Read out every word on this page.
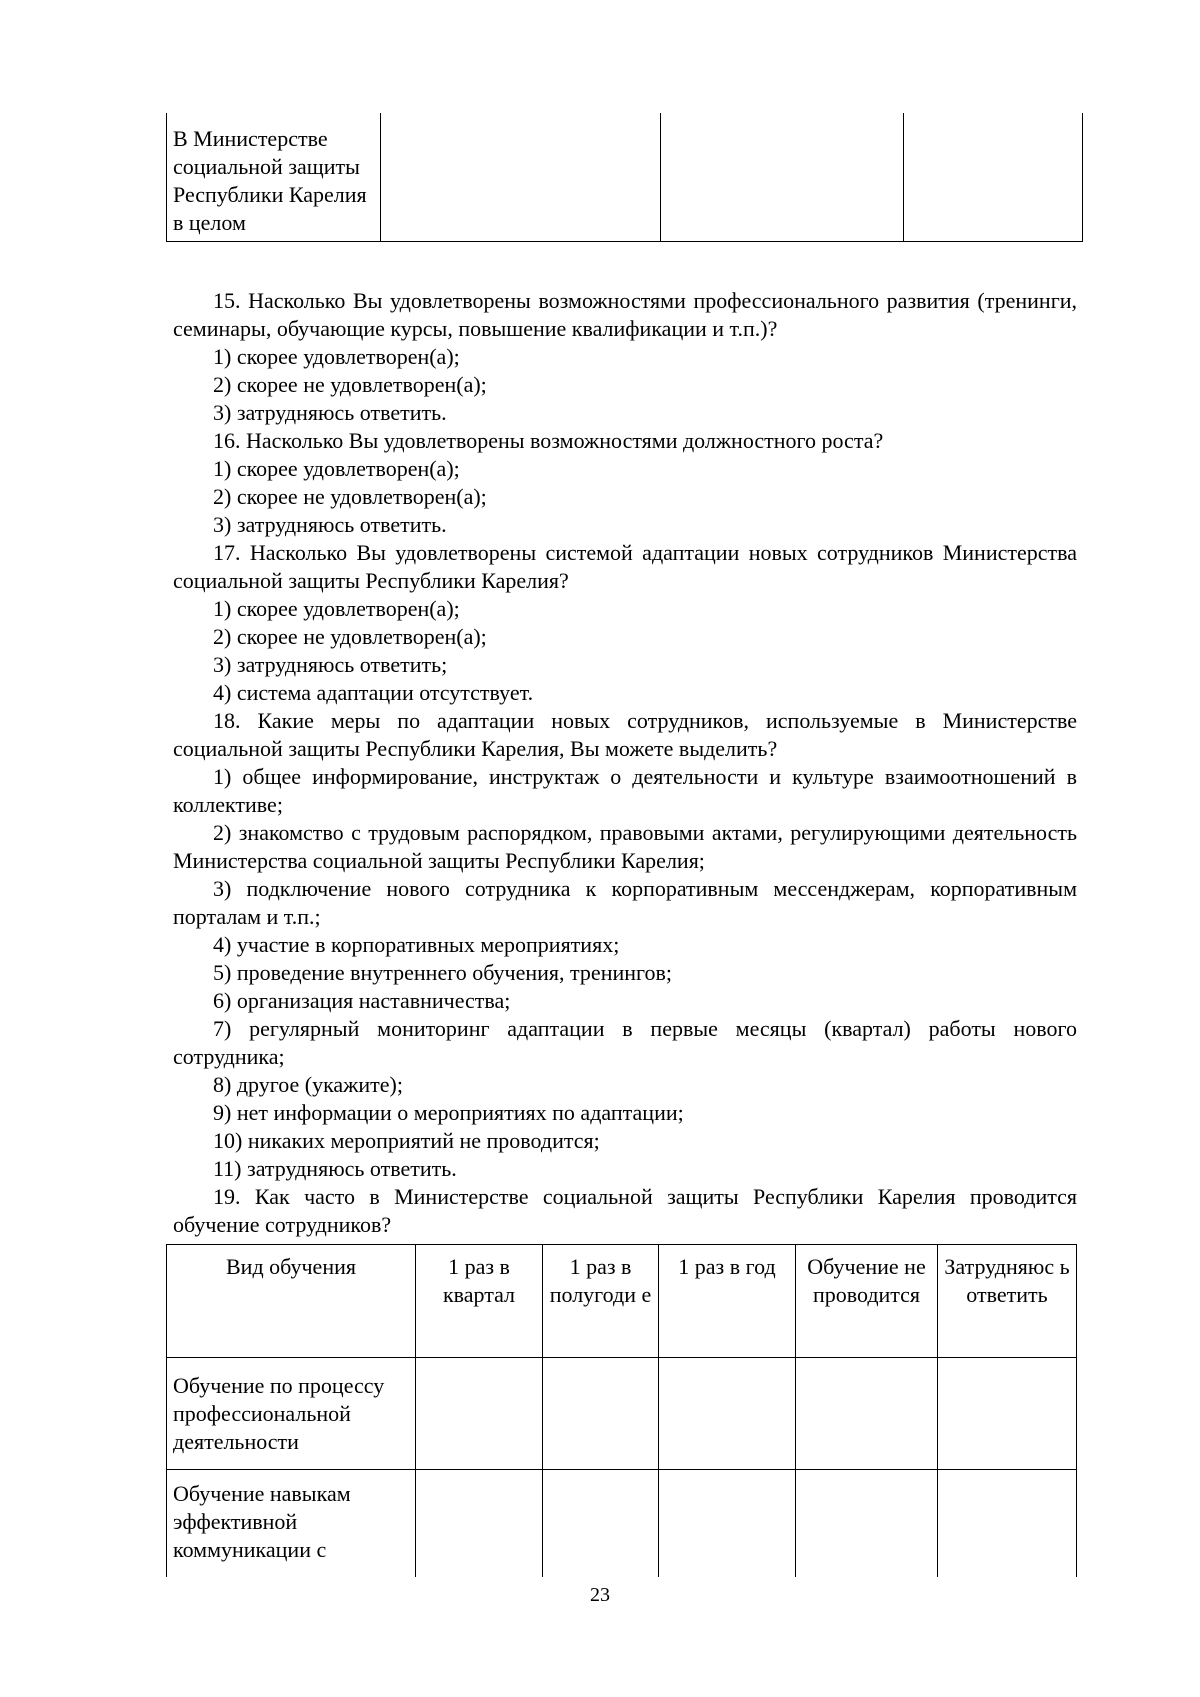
В Министерстве социальной защиты Республики Карелия в целом			

15. Насколько Вы удовлетворены возможностями профессионального развития (тренинги, семинары, обучающие курсы, повышение квалификации и т.п.)?

1) скорее удовлетворен(а);

2) скорее не удовлетворен(а);

3) затрудняюсь ответить.

16. Насколько Вы удовлетворены возможностями должностного роста?

1) скорее удовлетворен(а);

2) скорее не удовлетворен(а);

3) затрудняюсь ответить.

17. Насколько Вы удовлетворены системой адаптации новых сотрудников Министерства социальной защиты Республики Карелия?

1) скорее удовлетворен(а);

2) скорее не удовлетворен(а);

3) затрудняюсь ответить;

4) система адаптации отсутствует.

18. Какие меры по адаптации новых сотрудников, используемые в Министерстве социальной защиты Республики Карелия, Вы можете выделить?

1) общее информирование, инструктаж о деятельности и культуре взаимоотношений в коллективе;

2) знакомство с трудовым распорядком, правовыми актами, регулирующими деятельность Министерства социальной защиты Республики Карелия;

3) подключение нового сотрудника к корпоративным мессенджерам, корпоративным порталам и т.п.;

4) участие в корпоративных мероприятиях;

5) проведение внутреннего обучения, тренингов;

6) организация наставничества;

7) регулярный мониторинг адаптации в первые месяцы (квартал) работы нового сотрудника;

8) другое (укажите);

9) нет информации о мероприятиях по адаптации;

10) никаких мероприятий не проводится;

11) затрудняюсь ответить.

19. Как часто в Министерстве социальной защиты Республики Карелия проводится обучение сотрудников?

Вид обучения	1 раз в квартал	1 раз в полугоди е	1 раз в год	Обучение не проводится	Затрудняюс ь ответить
Обучение по процессу профессиональной деятельности					
Обучение навыкам эффективной коммуникации с					
23
